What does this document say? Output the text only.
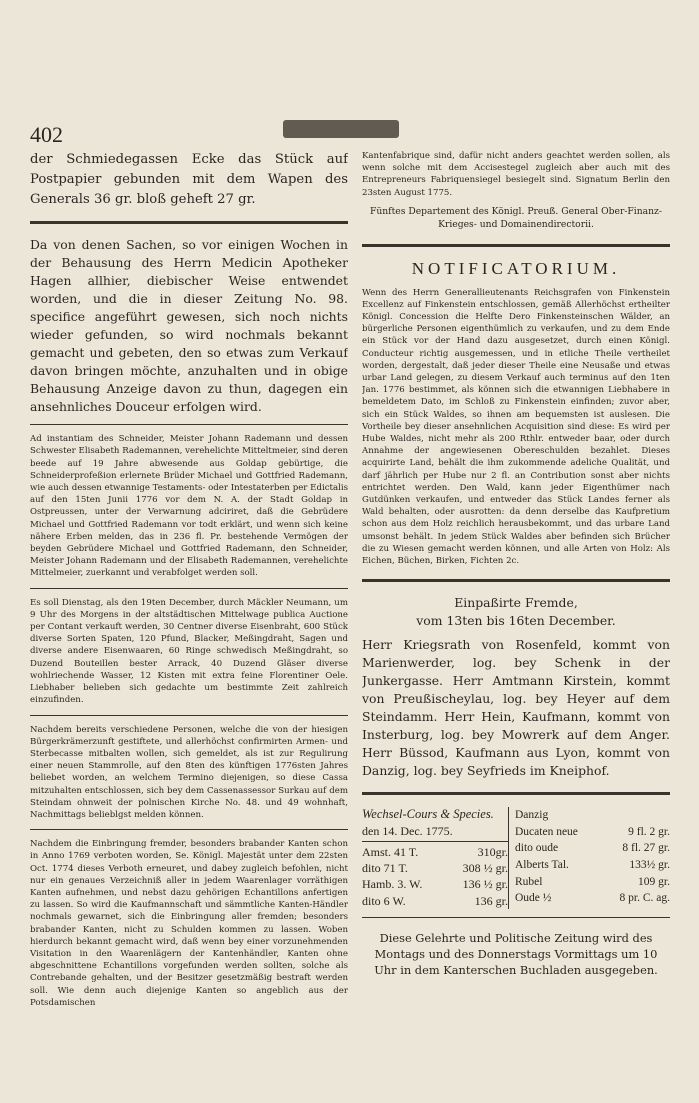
402

der Schmiedegassen Ecke das Stück auf Postpapier gebunden mit dem Wapen des Generals 36 gr. bloß geheft 27 gr.

Da von denen Sachen, so vor einigen Wochen in der Behausung des Herrn Medicin Apotheker Hagen allhier, diebischer Weise entwendet worden, und die in dieser Zeitung No. 98. specifice angeführt gewesen, sich noch nichts wieder gefunden, so wird nochmals bekannt gemacht und gebeten, den so etwas zum Verkauf davon bringen möchte, anzuhalten und in obige Behausung Anzeige davon zu thun, dagegen ein ansehnliches Douceur erfolgen wird.

Ad instantiam des Schneider, Meister Johann Rademann und dessen Schwester Elisabeth Rademannen, verehelichte Mitteltmeier, sind deren beede auf 19 Jahre abwesende aus Goldap gebürtige, die Schneiderprofeßion erlernete Brüder Michael und Gottfried Rademann, wie auch dessen etwannige Testaments- oder Intestaterben per Edictalis auf den 15ten Junii 1776 vor dem N. A. der Stadt Goldap in Ostpreussen, unter der Verwarnung adciriret, daß die Gebrüdere Michael und Gottfried Rademann vor todt erklärt, und wenn sich keine nähere Erben melden, das in 236 fl. Pr. bestehende Vermögen der beyden Gebrüdere Michael und Gottfried Rademann, den Schneider, Meister Johann Rademann und der Elisabeth Rademannen, verehelichte Mittelmeier, zuerkannt und verabfolget werden soll.

Es soll Dienstag, als den 19ten December, durch Mäckler Neumann, um 9 Uhr des Morgens in der altstädtischen Mittelwage publica Auctione per Contant verkauft werden, 30 Centner diverse Eisenbraht, 600 Stück diverse Sorten Spaten, 120 Pfund, Blacker, Meßingdraht, Sagen und diverse andere Eisenwaaren, 60 Ringe schwedisch Meßingdraht, so Duzend Bouteillen bester Arrack, 40 Duzend Gläser diverse wohlriechende Wasser, 12 Kisten mit extra feine Florentiner Oele. Liebhaber belieben sich gedachte um bestimmte Zeit zahlreich einzufinden.

Nachdem bereits verschiedene Personen, welche die von der hiesigen Bürgerkrämerzunft gestiftete, und allerhöchst confirmirten Armen- und Sterbecasse mitbalten wollen, sich gemeldet, als ist zur Regulirung einer neuen Stammrolle, auf den 8ten des künftigen 1776sten Jahres beliebet worden, an welchem Termino diejenigen, so diese Cassa mitzuhalten entschlossen, sich bey dem Cassenassessor Surkau auf dem Steindam ohnweit der polnischen Kirche No. 48. und 49 wohnhaft, Nachmittags belieblgst melden können.

Nachdem die Einbringung fremder, besonders brabander Kanten schon in Anno 1769 verboten worden, Se. Königl. Majestät unter dem 22sten Oct. 1774 dieses Verboth erneuret, und dabey zugleich befohlen, nicht nur ein genaues Verzeichniß aller in jedem Waarenlager vorräthigen Kanten aufnehmen, und nebst dazu gehörigen Echantillons anfertigen zu lassen. So wird die Kaufmannschaft und sämmtliche Kanten-Händler nochmals gewarnet, sich die Einbringung aller fremden; besonders brabander Kanten, nicht zu Schulden kommen zu lassen. Woben hierdurch bekannt gemacht wird, daß wenn bey einer vorzunehmenden Visitation in den Waarenlägern der Kantenhändler, Kanten ohne abgeschnittene Echantillons vorgefunden werden sollten, solche als Contrebande gehalten, und der Besitzer gesetzmäßig bestraft werden soll. Wie denn auch diejenige Kanten so angeblich aus der Potsdamischen

Kantenfabrique sind, dafür nicht anders geachtet werden sollen, als wenn solche mit dem Accisestegel zugleich aber auch mit des Entrepreneurs Fabriquensiegel besiegelt sind. Signatum Berlin den 23sten August 1775.

Fünftes Departement des Königl. Preuß. General Ober-Finanz- Krieges- und Domainendirectorii.

NOTIFICATORIUM.

Wenn des Herrn Generallieutenants Reichsgrafen von Finkenstein Excellenz auf Finkenstein entschlossen, gemäß Allerhöchst ertheilter Königl. Concession die Helfte Dero Finkensteinschen Wälder, an bürgerliche Personen eigenthümlich zu verkaufen, und zu dem Ende ein Stück vor der Hand dazu ausgesetzet, durch einen Königl. Conducteur richtig ausgemessen, und in etliche Theile vertheilet worden, dergestalt, daß jeder dieser Theile eine Neusaße und etwas urbar Land gelegen, zu diesem Verkauf auch terminus auf den 1ten Jan. 1776 bestimmet, als können sich die etwannigen Liebhabere in bemeldetem Dato, im Schloß zu Finkenstein einfinden; zuvor aber, sich ein Stück Waldes, so ihnen am bequemsten ist auslesen. Die Vortheile bey dieser ansehnlichen Acquisition sind diese: Es wird per Hube Waldes, nicht mehr als 200 Rthlr. entweder baar, oder durch Annahme der angewiesenen Obereschulden bezahlet. Dieses acquirirte Land, behält die ihm zukommende adeliche Qualität, und darf jährlich per Hube nur 2 fl. an Contribution sonst aber nichts entrichtet werden. Den Wald, kann jeder Eigenthümer nach Gutdünken verkaufen, und entweder das Stück Landes ferner als Wald behalten, oder ausrotten: da denn derselbe das Kaufpretium schon aus dem Holz reichlich herausbekommt, und das urbare Land umsonst behält. In jedem Stück Waldes aber befinden sich Brücher die zu Wiesen gemacht werden können, und alle Arten von Holz: Als Eichen, Büchen, Birken, Fichten 2c.

Einpaßirte Fremde,
vom 13ten bis 16ten December.

Herr Kriegsrath von Rosenfeld, kommt von Marienwerder, log. bey Schenk in der Junkergasse. Herr Amtmann Kirstein, kommt von Preußischeylau, log. bey Heyer auf dem Steindamm. Herr Hein, Kaufmann, kommt von Insterburg, log. bey Mowrerk auf dem Anger. Herr Büssod, Kaufmann aus Lyon, kommt von Danzig, log. bey Seyfrieds im Kneiphof.

Wechsel-Cours & Species.
den 14. Dec. 1775.
Amst. 41 T.	310gr.
dito 71 T.	308 ½ gr.
Hamb. 3. W.	136 ½ gr.
dito 6 W.	136 gr.
Danzig
Ducaten neue	9 fl. 2 gr.
dito oude	8 fl. 27 gr.
Alberts Tal.	133½ gr.
Rubel	109 gr.
Oude ½	8 pr. C. ag.

Diese Gelehrte und Politische Zeitung wird des Montags und des Donnerstags Vormittags um 10 Uhr in dem Kanterschen Buchladen ausgegeben.
